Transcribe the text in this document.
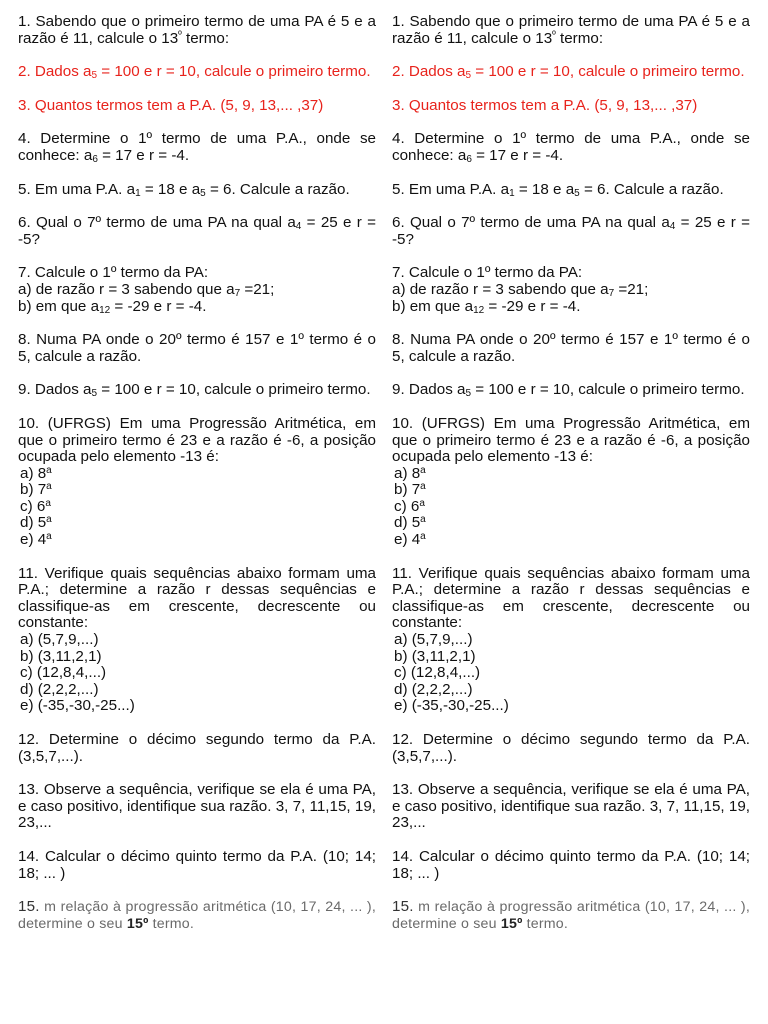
1. Sabendo que o primeiro termo de uma PA é 5 e a razão é 11, calcule o $13^º$ termo:

2. Dados $a_5 = 100$ e r = 10, calcule o primeiro termo.

3. Quantos termos tem a P.A. (5, 9, 13,... ,37)

4. Determine o 1º termo de uma P.A., onde se conhece: $a_6 = 17$ e r = -4.

5. Em uma P.A. $a_1 = 18$ e $a_5 = 6$. Calcule a razão.

6. Qual o 7º termo de uma PA na qual $a_4 = 25$ e r = -5?

7. Calcule o 1º termo da PA:
a) de razão r = 3 sabendo que $a_7 =21$;
b) em que $a_{12} = -29$ e r = -4.

8. Numa PA onde o 20º termo é 157 e 1º termo é o 5, calcule a razão.

9. Dados $a_5 = 100$ e r = 10, calcule o primeiro termo.

10. (UFRGS) Em uma Progressão Aritmética, em que o primeiro termo é 23 e a razão é -6, a posição ocupada pelo elemento -13 é:
a) 8$^a$
b) 7$^a$
c) 6$^a$
d) 5$^a$
e) 4$^a$

11. Verifique quais sequências abaixo formam uma P.A.; determine a razão r dessas sequências e classifique-as em crescente, decrescente ou constante:
a) (5,7,9,...)
b) (3,11,2,1)
c) (12,8,4,...)
d) (2,2,2,...)
e) (-35,-30,-25...)

12. Determine o décimo segundo termo da P.A. (3,5,7,...).

13. Observe a sequência, verifique se ela é uma PA, e caso positivo, identifique sua razão. 3, 7, 11,15, 19, 23,...

14. Calcular o décimo quinto termo da P.A. (10; 14; 18; ... )

15. m relação à progressão aritmética (10, 17, 24, ... ), determine o seu 15º termo.

1. Sabendo que o primeiro termo de uma PA é 5 e a razão é 11, calcule o $13^º$ termo:

2. Dados $a_5 = 100$ e r = 10, calcule o primeiro termo.

3. Quantos termos tem a P.A. (5, 9, 13,... ,37)

4. Determine o 1º termo de uma P.A., onde se conhece: $a_6 = 17$ e r = -4.

5. Em uma P.A. $a_1 = 18$ e $a_5 = 6$. Calcule a razão.

6. Qual o 7º termo de uma PA na qual $a_4 = 25$ e r = -5?

7. Calcule o 1º termo da PA:
a) de razão r = 3 sabendo que $a_7 =21$;
b) em que $a_{12} = -29$ e r = -4.

8. Numa PA onde o 20º termo é 157 e 1º termo é o 5, calcule a razão.

9. Dados $a_5 = 100$ e r = 10, calcule o primeiro termo.

10. (UFRGS) Em uma Progressão Aritmética, em que o primeiro termo é 23 e a razão é -6, a posição ocupada pelo elemento -13 é:
a) 8$^a$
b) 7$^a$
c) 6$^a$
d) 5$^a$
e) 4$^a$

11. Verifique quais sequências abaixo formam uma P.A.; determine a razão r dessas sequências e classifique-as em crescente, decrescente ou constante:
a) (5,7,9,...)
b) (3,11,2,1)
c) (12,8,4,...)
d) (2,2,2,...)
e) (-35,-30,-25...)

12. Determine o décimo segundo termo da P.A. (3,5,7,...).

13. Observe a sequência, verifique se ela é uma PA, e caso positivo, identifique sua razão. 3, 7, 11,15, 19, 23,...

14. Calcular o décimo quinto termo da P.A. (10; 14; 18; ... )

15. m relação à progressão aritmética (10, 17, 24, ... ), determine o seu 15º termo.
